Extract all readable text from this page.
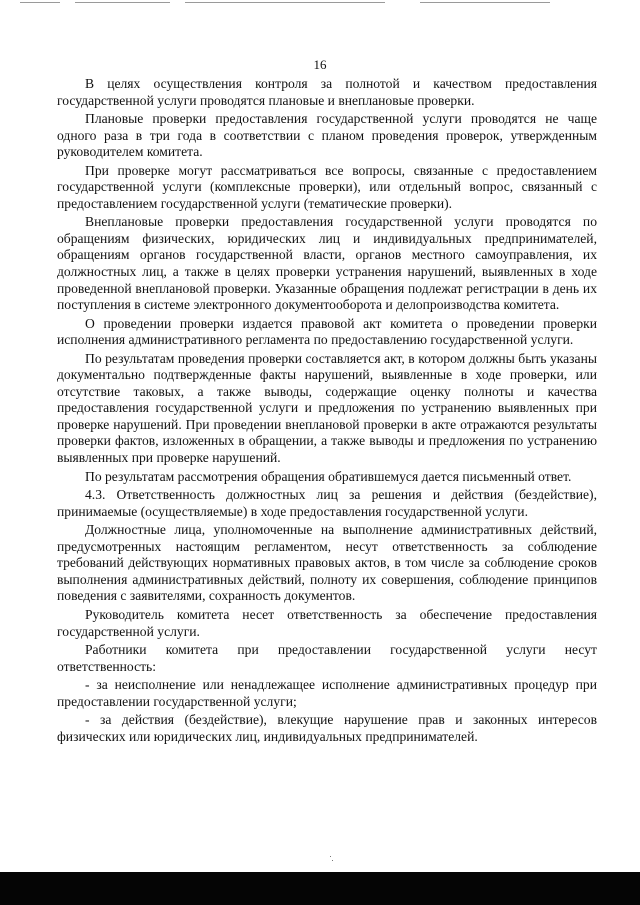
16

В целях осуществления контроля за полнотой и качеством предоставления государственной услуги проводятся плановые и внеплановые проверки.

Плановые проверки предоставления государственной услуги проводятся не чаще одного раза в три года в соответствии с планом проведения проверок, утвержденным руководителем комитета.

При проверке могут рассматриваться все вопросы, связанные с предоставлением государственной услуги (комплексные проверки), или отдельный вопрос, связанный с предоставлением государственной услуги (тематические проверки).

Внеплановые проверки предоставления государственной услуги проводятся по обращениям физических, юридических лиц и индивидуальных предпринимателей, обращениям органов государственной власти, органов местного самоуправления, их должностных лиц, а также в целях проверки устранения нарушений, выявленных в ходе проведенной внеплановой проверки. Указанные обращения подлежат регистрации в день их поступления в системе электронного документооборота и делопроизводства комитета.

О проведении проверки издается правовой акт комитета о проведении проверки исполнения административного регламента по предоставлению государственной услуги.

По результатам проведения проверки составляется акт, в котором должны быть указаны документально подтвержденные факты нарушений, выявленные в ходе проверки, или отсутствие таковых, а также выводы, содержащие оценку полноты и качества предоставления государственной услуги и предложения по устранению выявленных при проверке нарушений. При проведении внеплановой проверки в акте отражаются результаты проверки фактов, изложенных в обращении, а также выводы и предложения по устранению выявленных при проверке нарушений.

По результатам рассмотрения обращения обратившемуся дается письменный ответ.

4.3. Ответственность должностных лиц за решения и действия (бездействие), принимаемые (осуществляемые) в ходе предоставления государственной услуги.

Должностные лица, уполномоченные на выполнение административных действий, предусмотренных настоящим регламентом, несут ответственность за соблюдение требований действующих нормативных правовых актов, в том числе за соблюдение сроков выполнения административных действий, полноту их совершения, соблюдение принципов поведения с заявителями, сохранность документов.

Руководитель комитета несет ответственность за обеспечение предоставления государственной услуги.

Работники комитета при предоставлении государственной услуги несут ответственность:

- за неисполнение или ненадлежащее исполнение административных процедур при предоставлении государственной услуги;

- за действия (бездействие), влекущие нарушение прав и законных интересов физических или юридических лиц, индивидуальных предпринимателей.
